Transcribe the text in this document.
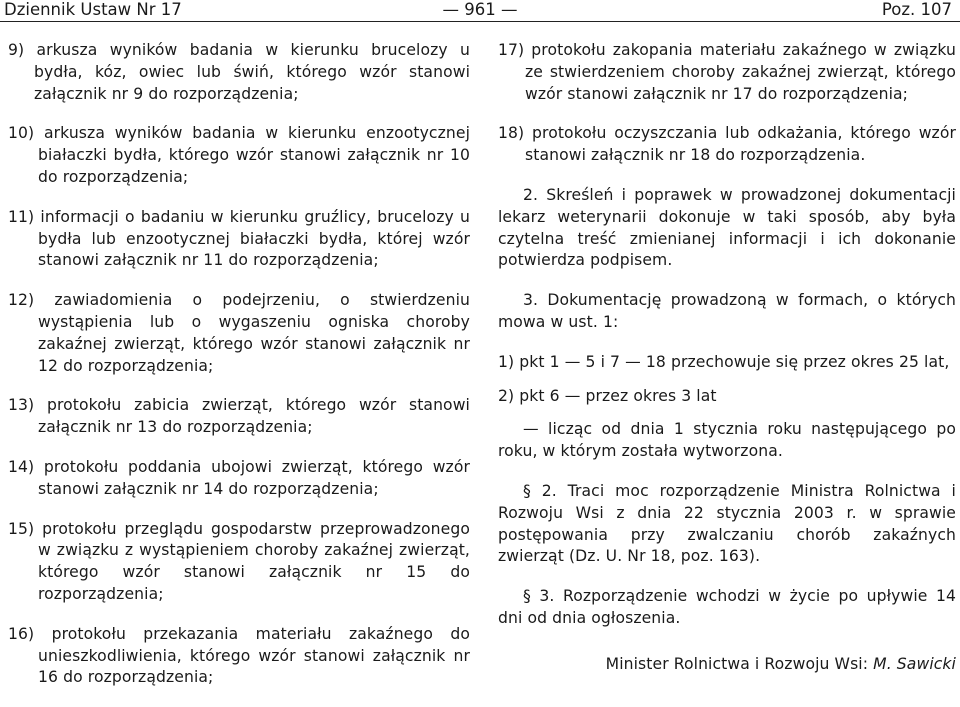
Dziennik Ustaw Nr 17	— 961 —	Poz. 107
9) arkusza wyników badania w kierunku brucelozy u bydła, kóz, owiec lub świń, którego wzór stanowi załącznik nr 9 do rozporządzenia;
10) arkusza wyników badania w kierunku enzootycznej białaczki bydła, którego wzór stanowi załącznik nr 10 do rozporządzenia;
11) informacji o badaniu w kierunku gruźlicy, brucelozy u bydła lub enzootycznej białaczki bydła, której wzór stanowi załącznik nr 11 do rozporządzenia;
12) zawiadomienia o podejrzeniu, o stwierdzeniu wystąpienia lub o wygaszeniu ogniska choroby zakaźnej zwierząt, którego wzór stanowi załącznik nr 12 do rozporządzenia;
13) protokołu zabicia zwierząt, którego wzór stanowi załącznik nr 13 do rozporządzenia;
14) protokołu poddania ubojowi zwierząt, którego wzór stanowi załącznik nr 14 do rozporządzenia;
15) protokołu przeglądu gospodarstw przeprowadzonego w związku z wystąpieniem choroby zakaźnej zwierząt, którego wzór stanowi załącznik nr 15 do rozporządzenia;
16) protokołu przekazania materiału zakaźnego do unieszkodliwienia, którego wzór stanowi załącznik nr 16 do rozporządzenia;
17) protokołu zakopania materiału zakaźnego w związku ze stwierdzeniem choroby zakaźnej zwierząt, którego wzór stanowi załącznik nr 17 do rozporządzenia;
18) protokołu oczyszczania lub odkażania, którego wzór stanowi załącznik nr 18 do rozporządzenia.
2. Skreśleń i poprawek w prowadzonej dokumentacji lekarz weterynarii dokonuje w taki sposób, aby była czytelna treść zmienianej informacji i ich dokonanie potwierdza podpisem.
3. Dokumentację prowadzoną w formach, o których mowa w ust. 1:
1) pkt 1 — 5 i 7 — 18 przechowuje się przez okres 25 lat,
2) pkt 6 — przez okres 3 lat
— licząc od dnia 1 stycznia roku następującego po roku, w którym została wytworzona.
§ 2. Traci moc rozporządzenie Ministra Rolnictwa i Rozwoju Wsi z dnia 22 stycznia 2003 r. w sprawie postępowania przy zwalczaniu chorób zakaźnych zwierząt (Dz. U. Nr 18, poz. 163).
§ 3. Rozporządzenie wchodzi w życie po upływie 14 dni od dnia ogłoszenia.
Minister Rolnictwa i Rozwoju Wsi: M. Sawicki
